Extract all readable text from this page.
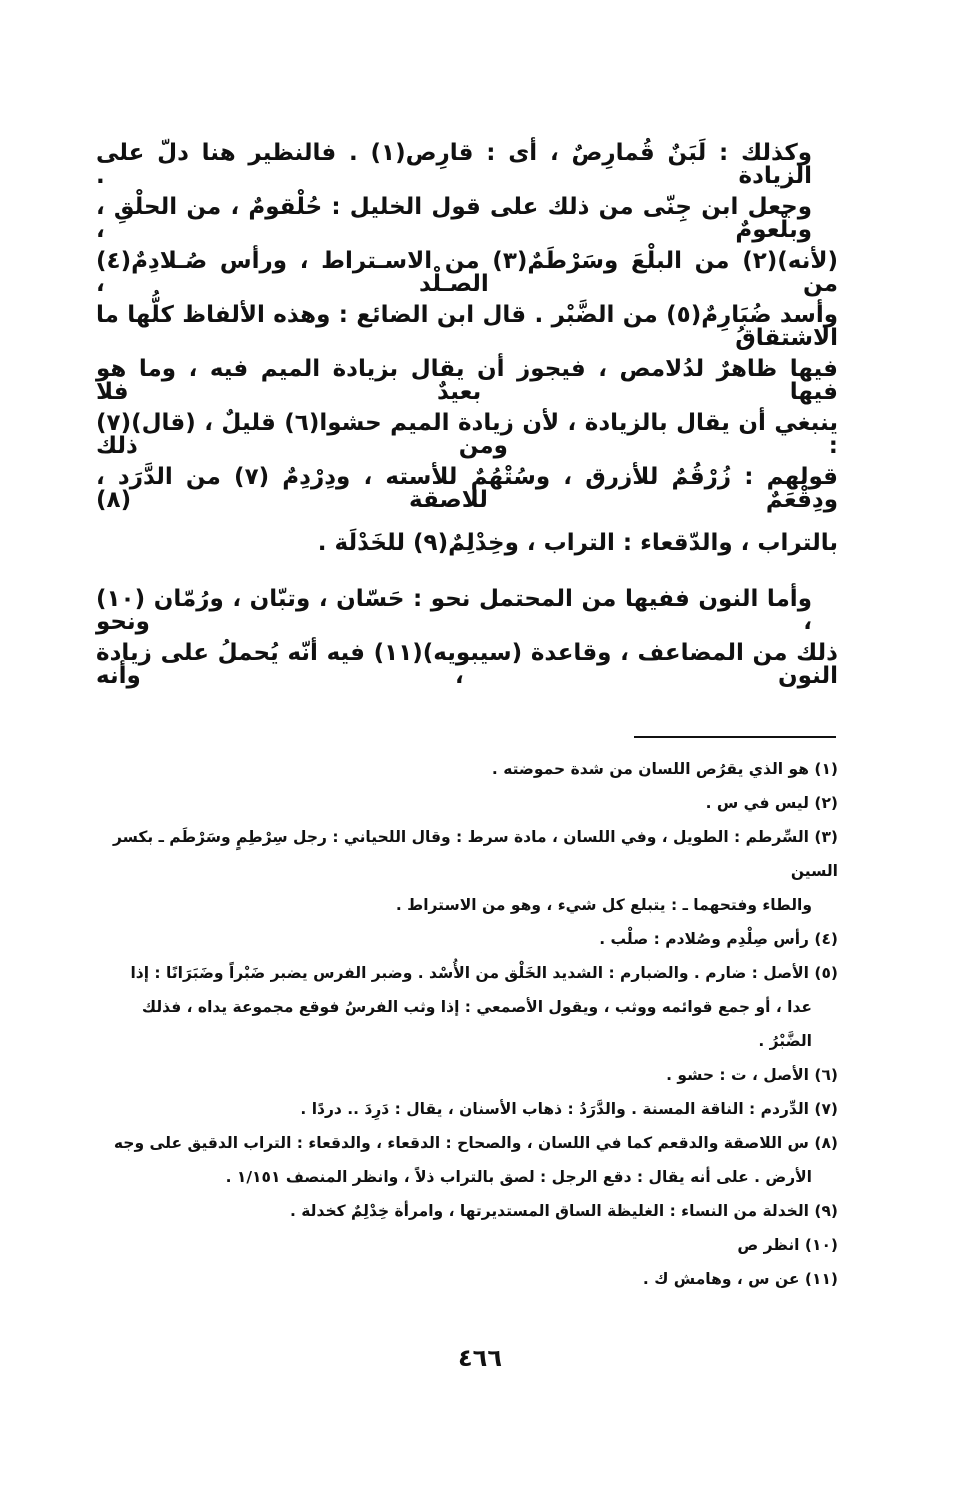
وكذلك : لَبَنٌ قُمارِصٌ ، أى : قارِص(١) . فالنظير هنا دلّ على الزيادة .
وجعل ابن جِنّى من ذلك على قول الخليل : حُلْقومٌ ، من الحلْقِ ، وبلْعومٌ ،
(لأنه)(٢) من البلْعَ وسَرْطَمٌ(٣) من الاسـتراط ، ورأس صُـلادِمٌ(٤) من الصـلْد ،
وأسد ضُبَارِمٌ(٥) من الضَّبْر . قال ابن الضائع : وهذه الألفاظ كلُّها ما الاشتقاقُ
فيها ظاهرٌ لدُلامص ، فيجوز أن يقال بزيادة الميم فيه ، وما هو فيها بعيدٌ فلا
ينبغي أن يقال بالزيادة ، لأن زيادة الميم حشوا(٦) قليلٌ ، (قال)(٧) : ومن ذلك
قولهم : زُرْقُمٌ للأزرق ، وسُتْهُمٌ للأسته ، ودِرْدِمٌ (٧) من الدَّرَد ، ودِقْعَمٌ للاصقة (٨)
بالتراب ، والدّقعاء : التراب ، وخِدْلِمٌ(٩) للخَدْلَة .
وأما النون ففيها من المحتمل نحو : حَسّان ، وتبّان ، ورُمّان (١٠) ، ونحو
ذلك من المضاعف ، وقاعدة (سيبويه)(١١) فيه أنّه يُحملُ على زيادة النون ، وأنه
(١) هو الذي يقرُص اللسان من شدة حموضته .
(٢) ليس في س .
(٣) السِّرطم : الطويل ، وفي اللسان ، مادة سرط : وقال اللحياني : رجل سِرْطِمٍ وسَرْطَم ـ بكسر السين
والطاء وفتحهما ـ : يتبلع كل شيء ، وهو من الاستراط .
(٤) رأس صِلْدِم وصُلادم : صلْب .
(٥) الأصل : ضارم . والضبارم : الشديد الخَلْق من الأُسْد . وضبر الفرس يضبر ضَبْراً وضَبَرَانًا : إذا
عدا ، أو جمع قوائمه ووثب ، ويقول الأصمعي : إذا وثب الفرسُ فوقع مجموعة يداه ، فذلك الضَّبْرُ .
(٦) الأصل ، ت : حشو .
(٧) الدِّردم : الناقة المسنة . والدَّرَدُ : ذهاب الأسنان ، يقال : دَرِدَ .. دردًا .
(٨) س اللاصقة والدقعم كما في اللسان ، والصحاح : الدقعاء ، والدقعاء : التراب الدقيق على وجه
الأرض . على أنه يقال : دقع الرجل : لصق بالتراب ذلاً ، وانظر المنصف ١/١٥١ .
(٩) الخدلة من النساء : الغليظة الساق المستديرتها ، وامرأة خِدْلِمٌ كخدلة .
(١٠) انظر ص
(١١) عن س ، وهامش ك .
٤٦٦
